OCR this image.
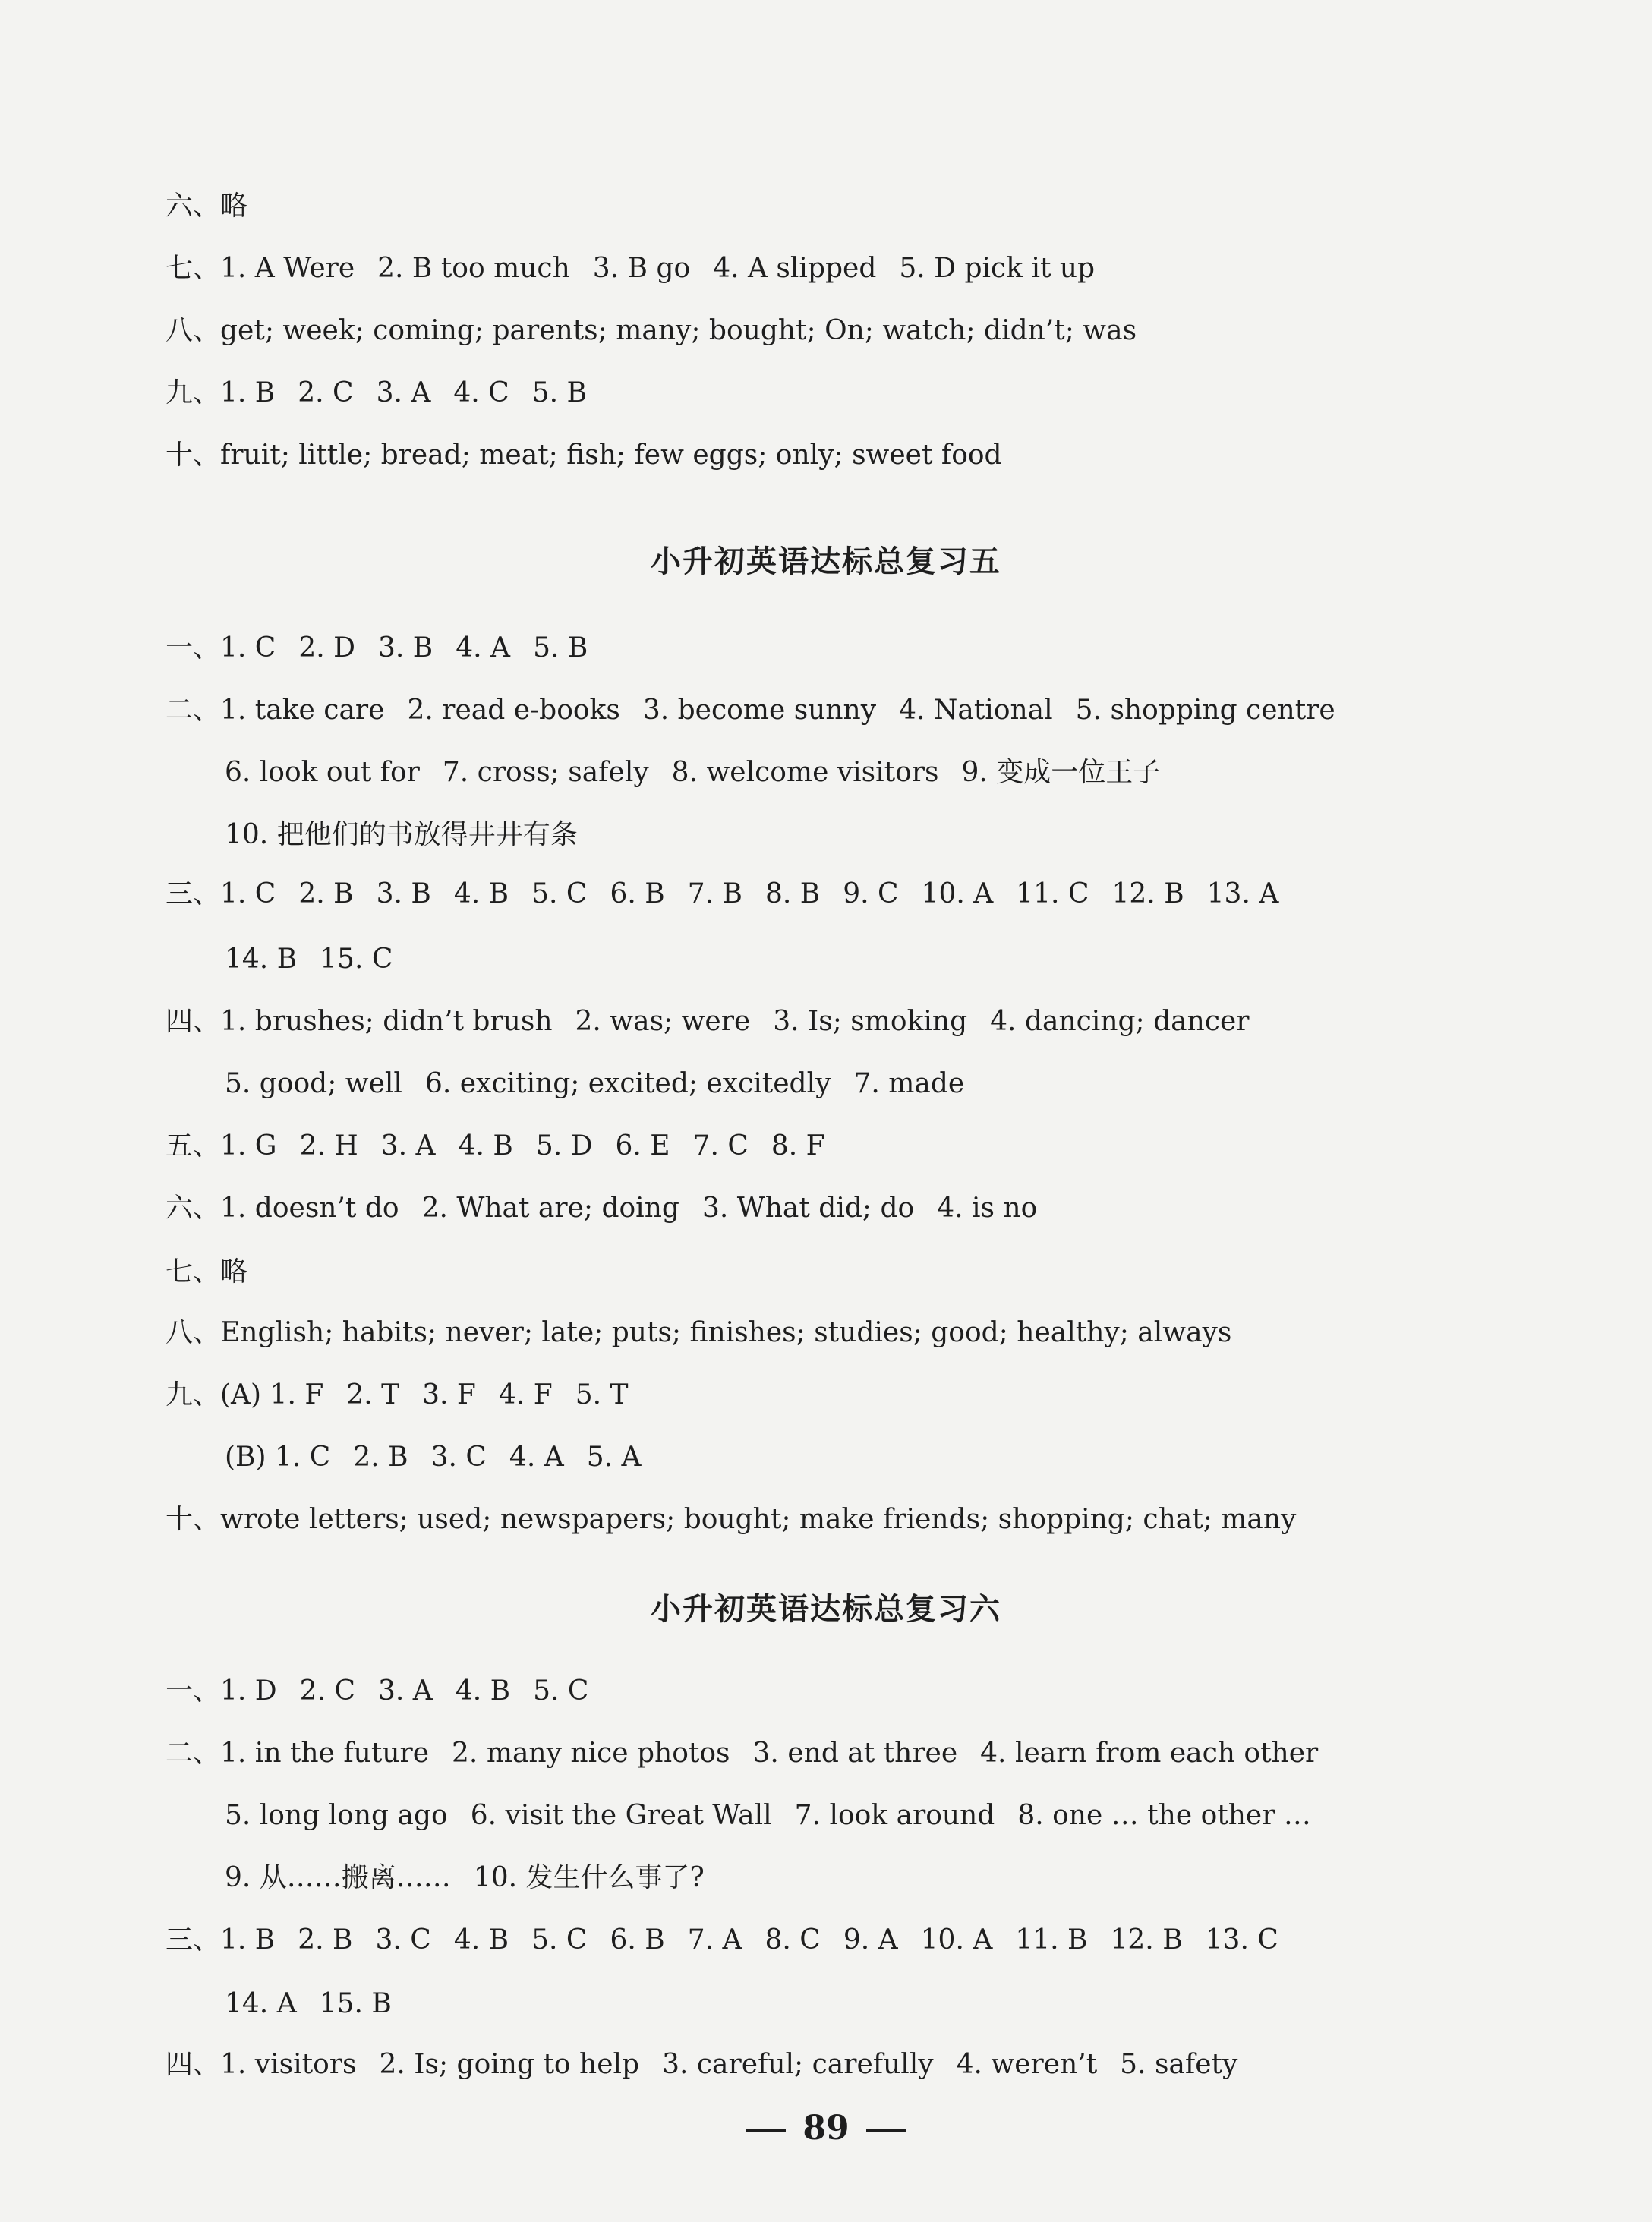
六、略
七、1. A Were 2. B too much 3. B go 4. A slipped 5. D pick it up
八、get; week; coming; parents; many; bought; On; watch; didn’t; was
九、1. B 2. C 3. A 4. C 5. B
十、fruit; little; bread; meat; fish; few eggs; only; sweet food
小升初英语达标总复习五
一、1. C 2. D 3. B 4. A 5. B
二、1. take care 2. read e-books 3. become sunny 4. National 5. shopping centre
6. look out for 7. cross; safely 8. welcome visitors 9. 变成一位王子
10. 把他们的书放得井井有条
三、1. C 2. B 3. B 4. B 5. C 6. B 7. B 8. B 9. C 10. A 11. C 12. B 13. A
14. B 15. C
四、1. brushes; didn’t brush 2. was; were 3. Is; smoking 4. dancing; dancer
5. good; well 6. exciting; excited; excitedly 7. made
五、1. G 2. H 3. A 4. B 5. D 6. E 7. C 8. F
六、1. doesn’t do 2. What are; doing 3. What did; do 4. is no
七、略
八、English; habits; never; late; puts; finishes; studies; good; healthy; always
九、(A) 1. F 2. T 3. F 4. F 5. T
(B) 1. C 2. B 3. C 4. A 5. A
十、wrote letters; used; newspapers; bought; make friends; shopping; chat; many
小升初英语达标总复习六
一、1. D 2. C 3. A 4. B 5. C
二、1. in the future 2. many nice photos 3. end at three 4. learn from each other
5. long long ago 6. visit the Great Wall 7. look around 8. one … the other …
9. 从……搬离…… 10. 发生什么事了?
三、1. B 2. B 3. C 4. B 5. C 6. B 7. A 8. C 9. A 10. A 11. B 12. B 13. C
14. A 15. B
四、1. visitors 2. Is; going to help 3. careful; carefully 4. weren’t 5. safety
89
